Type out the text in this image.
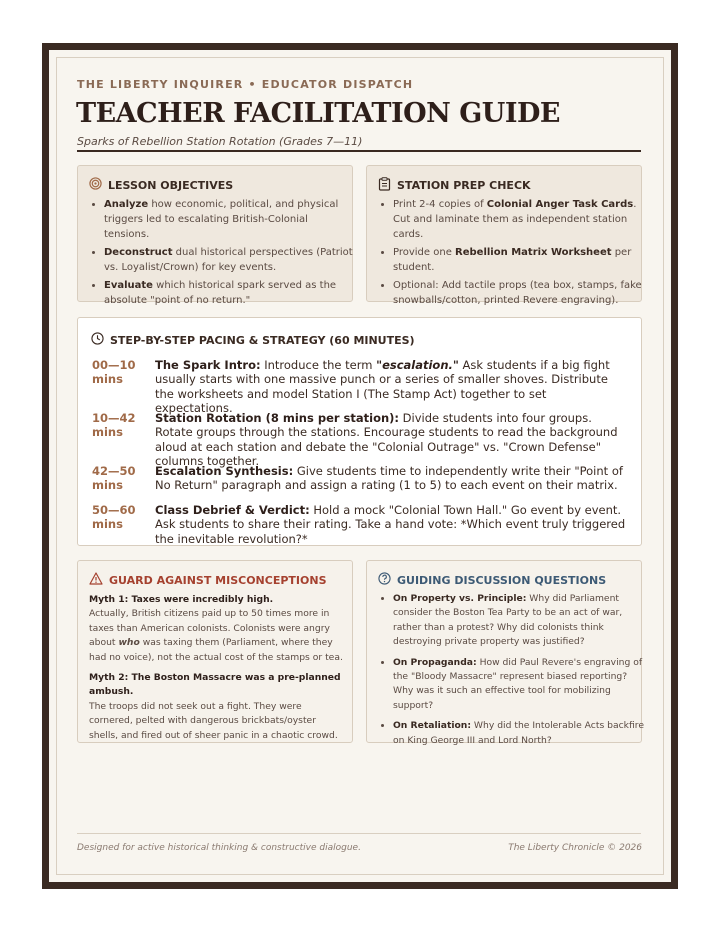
THE LIBERTY INQUIRER • EDUCATOR DISPATCH
TEACHER FACILITATION GUIDE
Sparks of Rebellion Station Rotation (Grades 7—11)
LESSON OBJECTIVES
• Analyze how economic, political, and physical triggers led to escalating British-Colonial tensions.
• Deconstruct dual historical perspectives (Patriot vs. Loyalist/Crown) for key events.
• Evaluate which historical spark served as the absolute "point of no return."
STATION PREP CHECK
• Print 2-4 copies of Colonial Anger Task Cards. Cut and laminate them as independent station cards.
• Provide one Rebellion Matrix Worksheet per student.
• Optional: Add tactile props (tea box, stamps, fake snowballs/cotton, printed Revere engraving).
STEP-BY-STEP PACING & STRATEGY (60 MINUTES)
00—10
mins
The Spark Intro: Introduce the term "escalation." Ask students if a big fight usually starts with one massive punch or a series of smaller shoves. Distribute the worksheets and model Station I (The Stamp Act) together to set expectations.
10—42
mins
Station Rotation (8 mins per station): Divide students into four groups. Rotate groups through the stations. Encourage students to read the background aloud at each station and debate the "Colonial Outrage" vs. "Crown Defense" columns together.
42—50
mins
Escalation Synthesis: Give students time to independently write their "Point of No Return" paragraph and assign a rating (1 to 5) to each event on their matrix.
50—60
mins
Class Debrief & Verdict: Hold a mock "Colonial Town Hall." Go event by event. Ask students to share their rating. Take a hand vote: *Which event truly triggered the inevitable revolution?*
GUARD AGAINST MISCONCEPTIONS

Myth 1: Taxes were incredibly high.

Actually, British citizens paid up to 50 times more in taxes than American colonists. Colonists were angry about who was taxing them (Parliament, where they had no voice), not the actual cost of the stamps or tea.

Myth 2: The Boston Massacre was a pre-planned ambush.

The troops did not seek out a fight. They were cornered, pelted with dangerous brickbats/oyster shells, and fired out of sheer panic in a chaotic crowd.

GUIDING DISCUSSION QUESTIONS
• On Property vs. Principle: Why did Parliament consider the Boston Tea Party to be an act of war, rather than a protest? Why did colonists think destroying private property was justified?
• On Propaganda: How did Paul Revere's engraving of the "Bloody Massacre" represent biased reporting? Why was it such an effective tool for mobilizing support?
• On Retaliation: Why did the Intolerable Acts backfire on King George III and Lord North?
Designed for active historical thinking & constructive dialogue.	The Liberty Chronicle © 2026
